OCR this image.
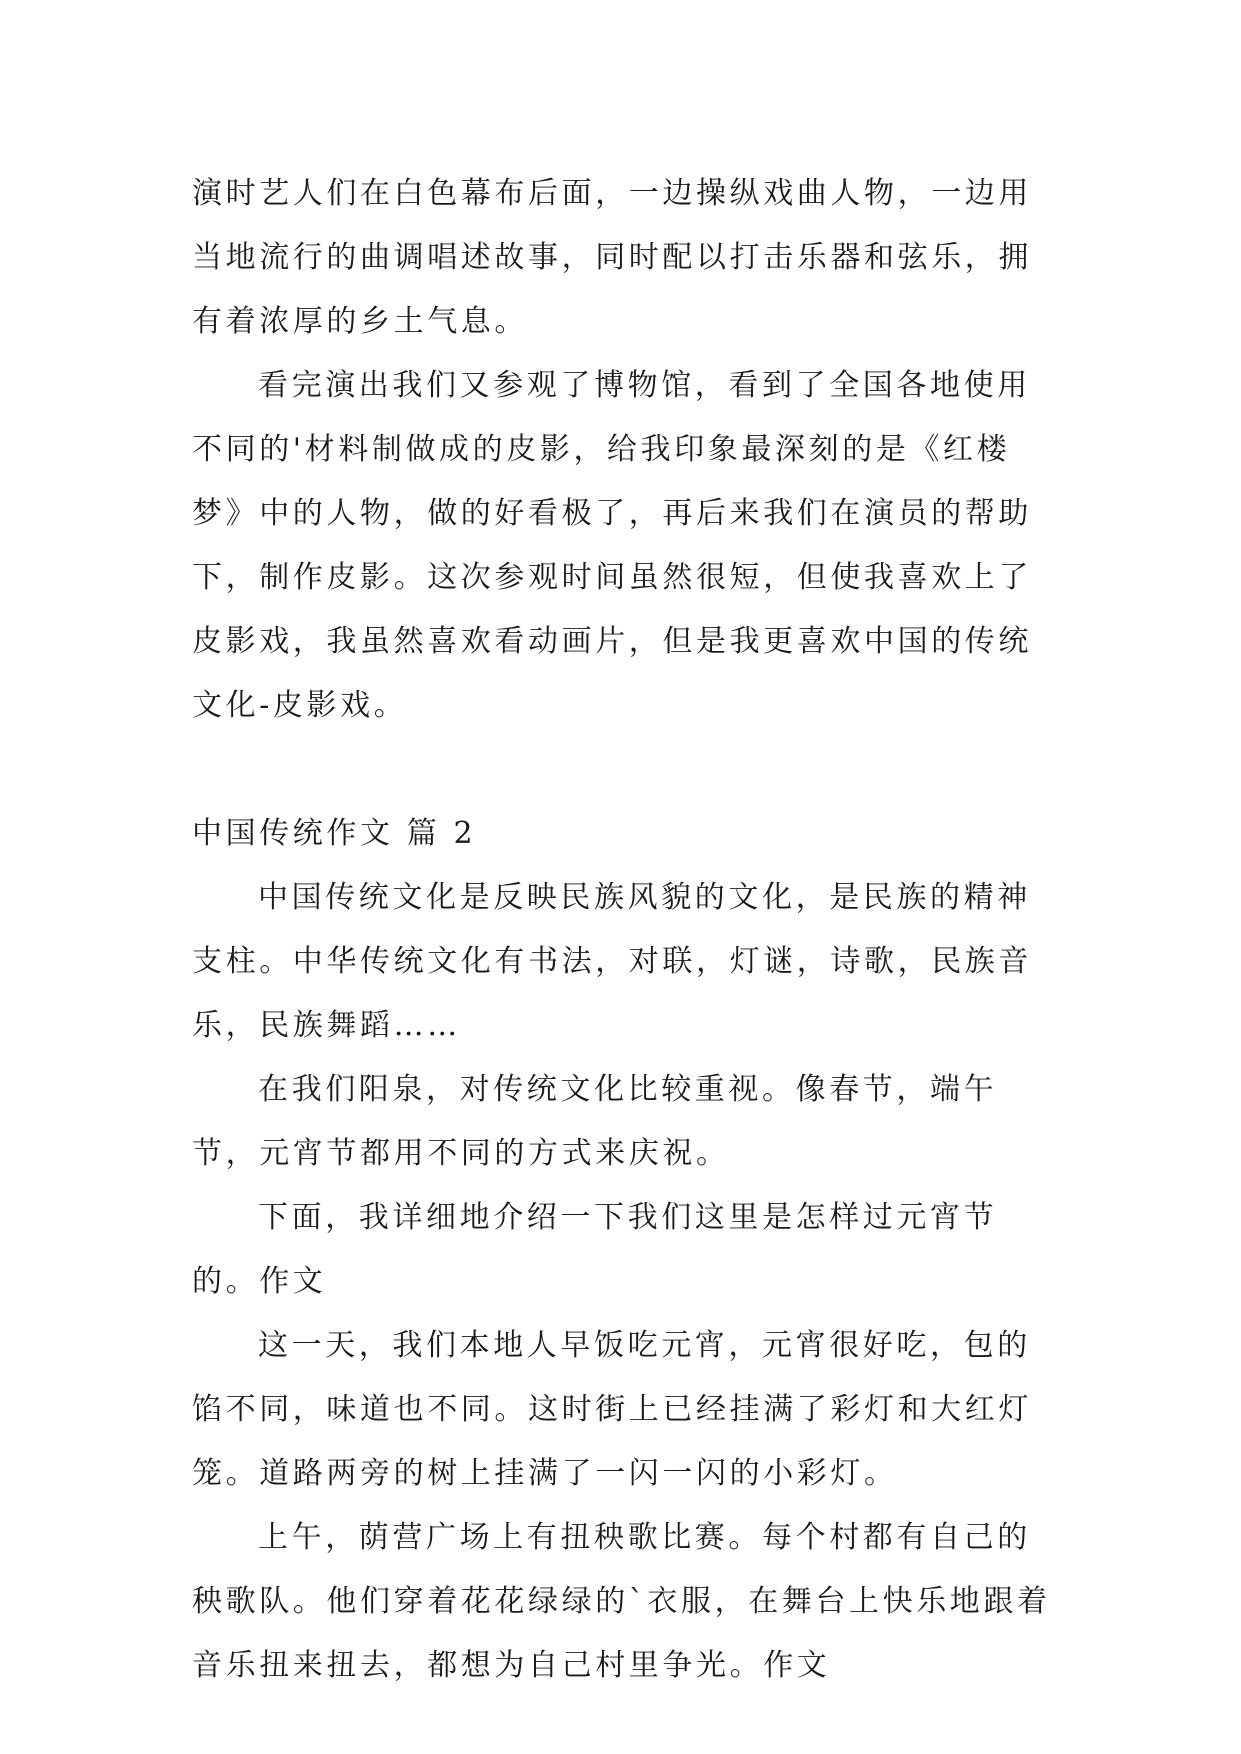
演时艺人们在白色幕布后面，一边操纵戏曲人物，一边用当地流行的曲调唱述故事，同时配以打击乐器和弦乐，拥有着浓厚的乡土气息。

看完演出我们又参观了博物馆，看到了全国各地使用不同的'材料制做成的皮影，给我印象最深刻的是《红楼梦》中的人物，做的好看极了，再后来我们在演员的帮助下，制作皮影。这次参观时间虽然很短，但使我喜欢上了皮影戏，我虽然喜欢看动画片，但是我更喜欢中国的传统文化-皮影戏。

中国传统作文 篇 2

中国传统文化是反映民族风貌的文化，是民族的精神支柱。中华传统文化有书法，对联，灯谜，诗歌，民族音乐，民族舞蹈……

在我们阳泉，对传统文化比较重视。像春节，端午节，元宵节都用不同的方式来庆祝。

下面，我详细地介绍一下我们这里是怎样过元宵节的。作文

这一天，我们本地人早饭吃元宵，元宵很好吃，包的馅不同，味道也不同。这时街上已经挂满了彩灯和大红灯笼。道路两旁的树上挂满了一闪一闪的小彩灯。

上午，荫营广场上有扭秧歌比赛。每个村都有自己的秧歌队。他们穿着花花绿绿的`衣服，在舞台上快乐地跟着音乐扭来扭去，都想为自己村里争光。作文
